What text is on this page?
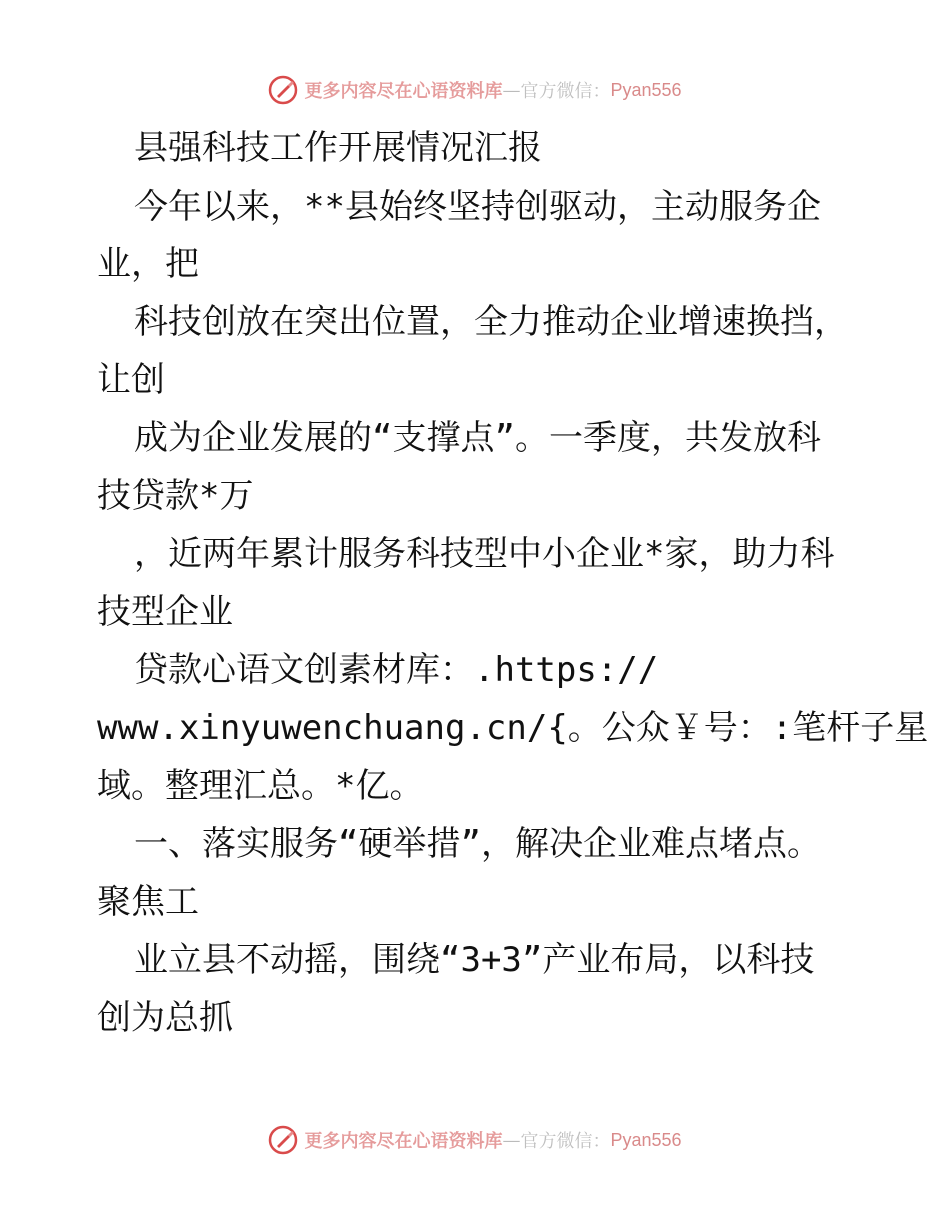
更多内容尽在心语资料库 — 官方微信： Pyan556
县强科技工作开展情况汇报
今年以来，**县始终坚持创驱动，主动服务企
业，把
科技创放在突出位置，全力推动企业增速换挡，
让创
成为企业发展的“支撑点”。一季度，共发放科
技贷款*万
，近两年累计服务科技型中小企业*家，助力科
技型企业
贷款心语文创素材库：.https://
www.xinyuwenchuang.cn/{。公众￥号：:笔杆子星
域。整理汇总。*亿。
一、落实服务“硬举措”，解决企业难点堵点。
聚焦工
业立县不动摇，围绕“3+3”产业布局，以科技
创为总抓
更多内容尽在心语资料库 — 官方微信： Pyan556
